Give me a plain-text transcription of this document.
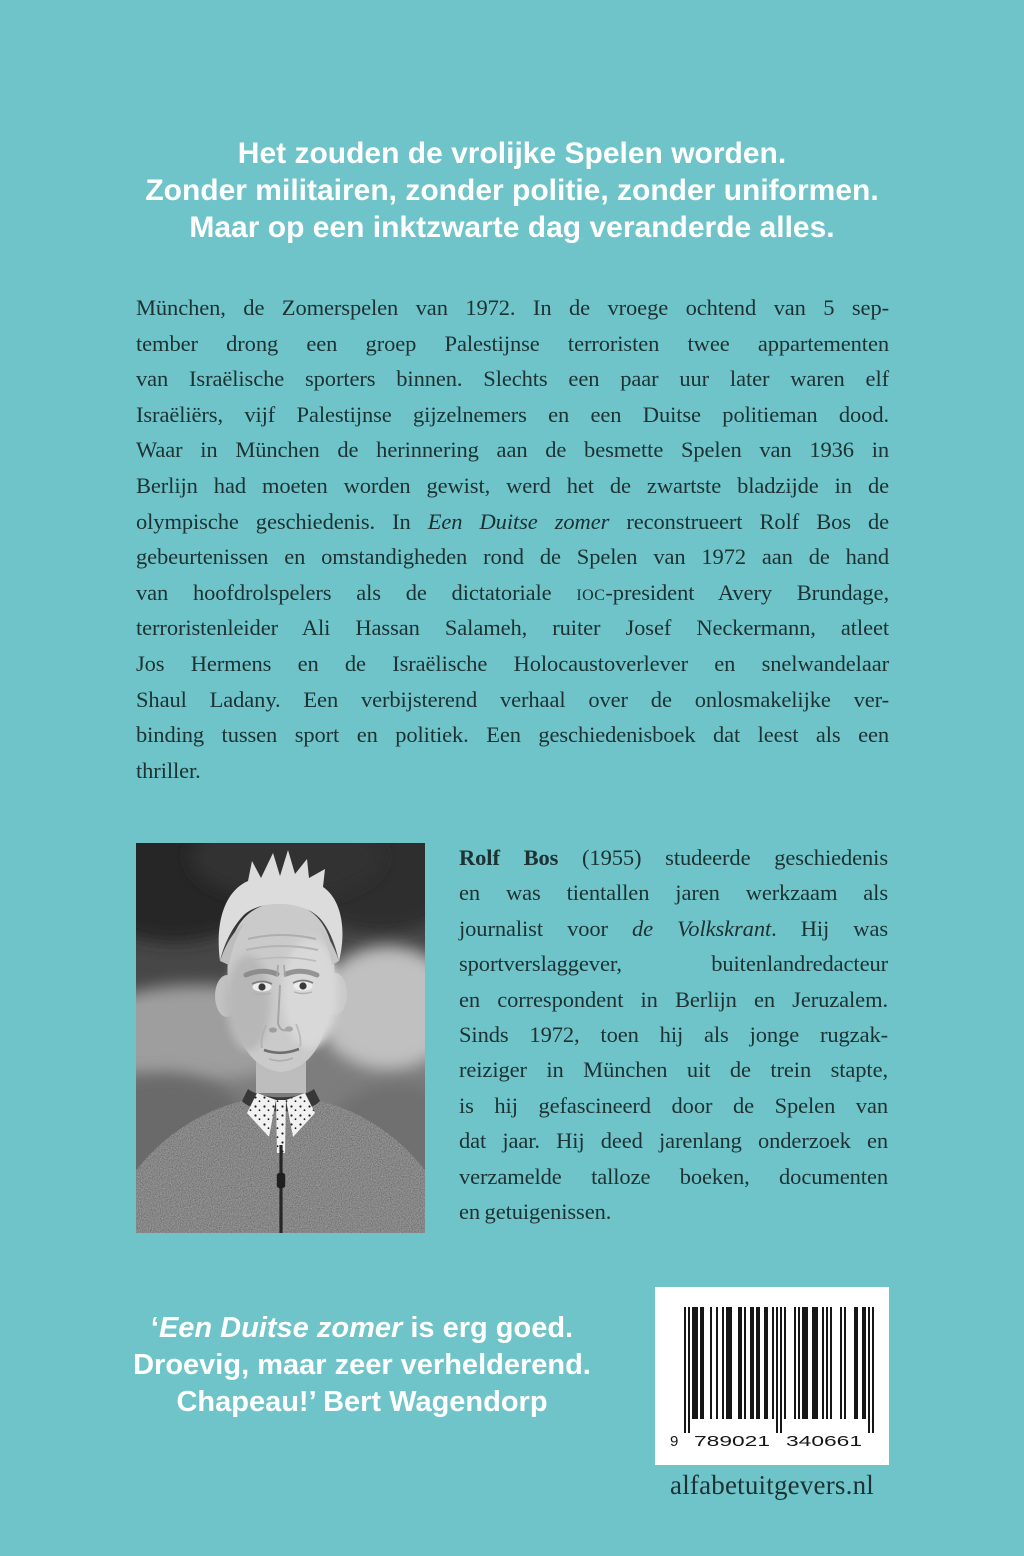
Het zouden de vrolijke Spelen worden.
Zonder militairen, zonder politie, zonder uniformen.
Maar op een inktzwarte dag veranderde alles.
München, de Zomerspelen van 1972. In de vroege ochtend van 5 sep-
tember drong een groep Palestijnse terroristen twee appartementen
van Israëlische sporters binnen. Slechts een paar uur later waren elf
Israëliërs, vijf Palestijnse gijzelnemers en een Duitse politieman dood.
Waar in München de herinnering aan de besmette Spelen van 1936 in
Berlijn had moeten worden gewist, werd het de zwartste bladzijde in de
olympische geschiedenis. In Een Duitse zomer reconstrueert Rolf Bos de
gebeurtenissen en omstandigheden rond de Spelen van 1972 aan de hand
van hoofdrolspelers als de dictatoriale ioc-president Avery Brundage,
terroristenleider Ali Hassan Salameh, ruiter Josef Neckermann, atleet
Jos Hermens en de Israëlische Holocaustoverlever en snelwandelaar
Shaul Ladany. Een verbijsterend verhaal over de onlosmakelijke ver-
binding tussen sport en politiek. Een geschiedenisboek dat leest als een
thriller.
Rolf Bos (1955) studeerde geschiedenis
en was tientallen jaren werkzaam als
journalist voor de Volkskrant. Hij was
sportverslaggever, buitenlandredacteur
en correspondent in Berlijn en Jeruzalem.
Sinds 1972, toen hij als jonge rugzak-
reiziger in München uit de trein stapte,
is hij gefascineerd door de Spelen van
dat jaar. Hij deed jarenlang onderzoek en
verzamelde talloze boeken, documenten
en getuigenissen.
‘Een Duitse zomer is erg goed.
Droevig, maar zeer verhelderend.
Chapeau!’ Bert Wagendorp
9 789021 340661
alfabetuitgevers.nl
